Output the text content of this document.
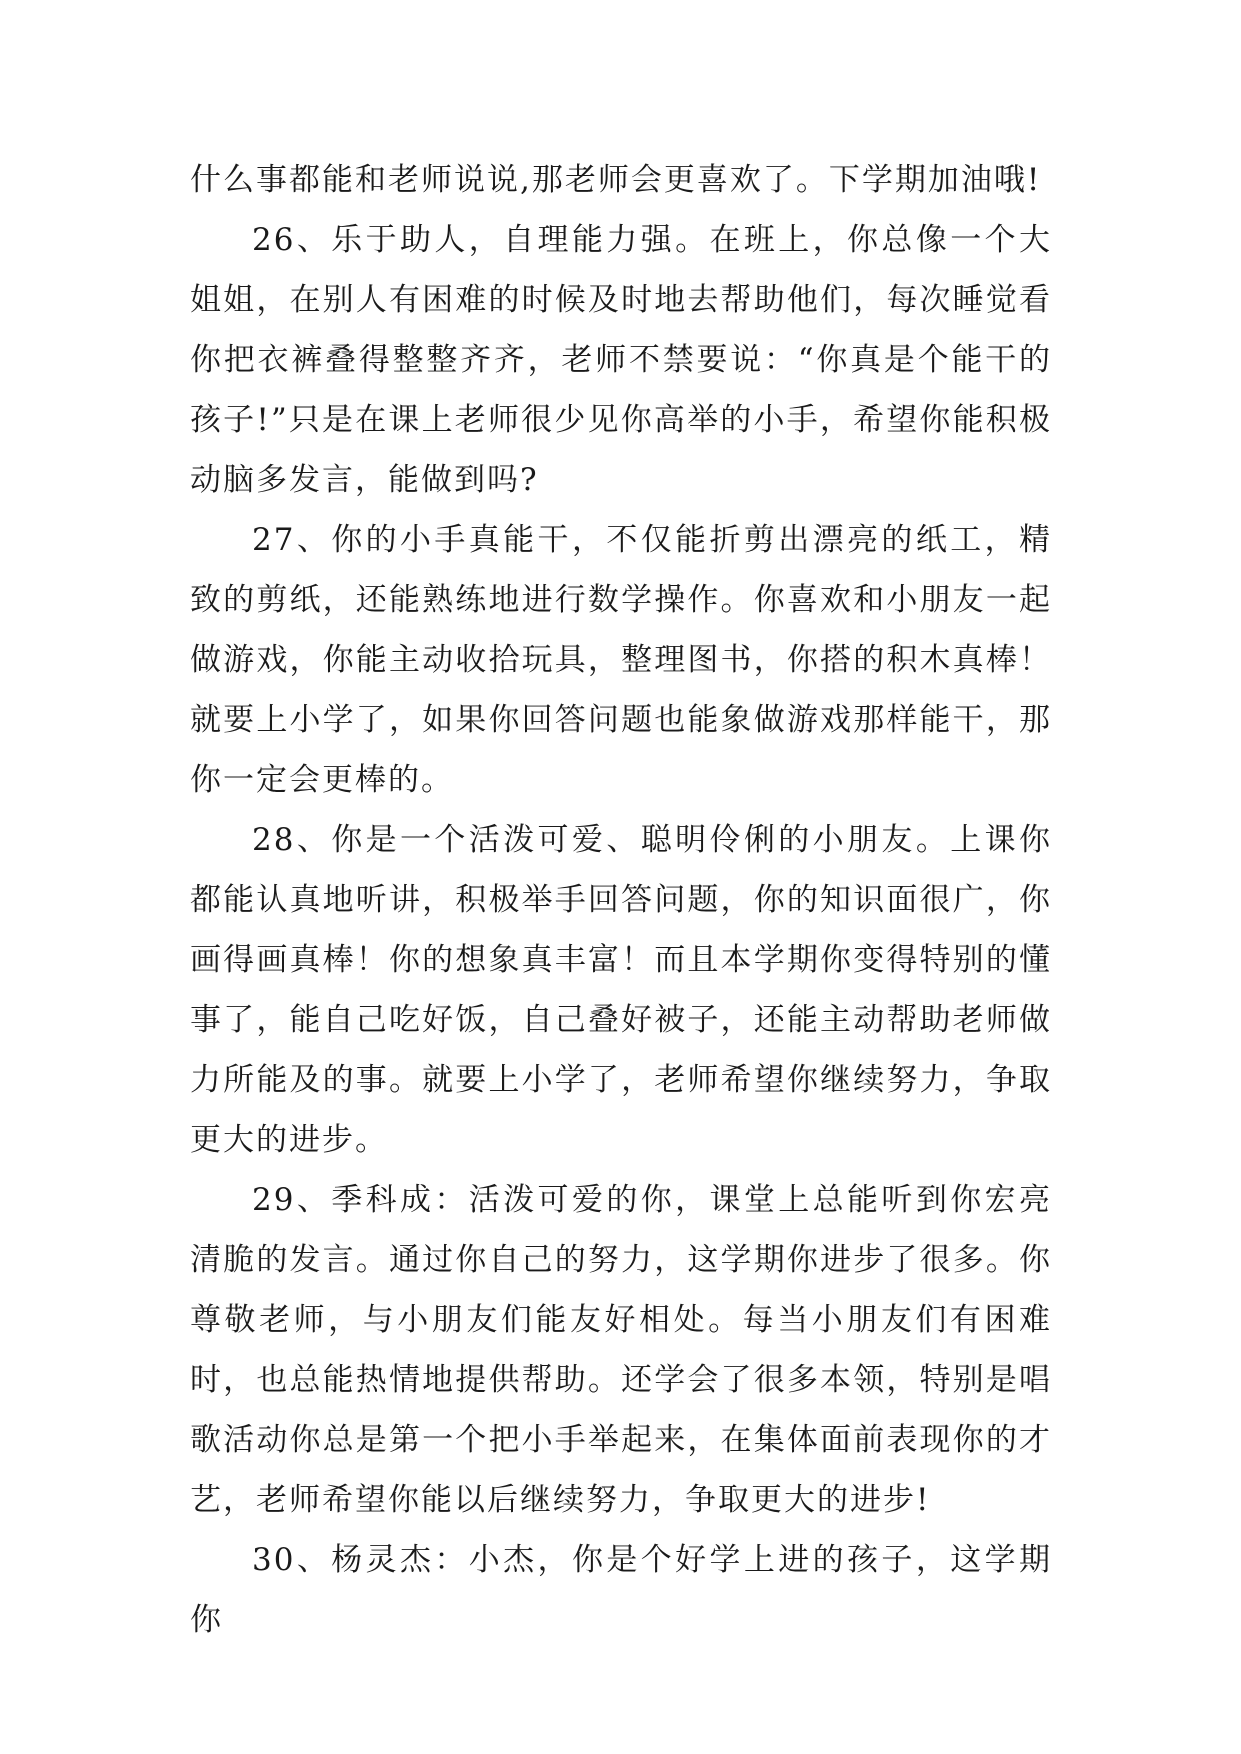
什么事都能和老师说说,那老师会更喜欢了。下学期加油哦!

26、乐于助人，自理能力强。在班上，你总像一个大姐姐，在别人有困难的时候及时地去帮助他们，每次睡觉看你把衣裤叠得整整齐齐，老师不禁要说：“你真是个能干的孩子!”只是在课上老师很少见你高举的小手，希望你能积极动脑多发言，能做到吗?

27、你的小手真能干，不仅能折剪出漂亮的纸工，精致的剪纸，还能熟练地进行数学操作。你喜欢和小朋友一起做游戏，你能主动收拾玩具，整理图书，你搭的积木真棒！就要上小学了，如果你回答问题也能象做游戏那样能干，那你一定会更棒的。

28、你是一个活泼可爱、聪明伶俐的小朋友。上课你都能认真地听讲，积极举手回答问题，你的知识面很广，你画得画真棒！你的想象真丰富！而且本学期你变得特别的懂事了，能自己吃好饭，自己叠好被子，还能主动帮助老师做力所能及的事。就要上小学了，老师希望你继续努力，争取更大的进步。

29、季科成：活泼可爱的你，课堂上总能听到你宏亮清脆的发言。通过你自己的努力，这学期你进步了很多。你尊敬老师，与小朋友们能友好相处。每当小朋友们有困难时，也总能热情地提供帮助。还学会了很多本领，特别是唱歌活动你总是第一个把小手举起来，在集体面前表现你的才艺，老师希望你能以后继续努力，争取更大的进步!

30、杨灵杰：小杰，你是个好学上进的孩子，这学期你
